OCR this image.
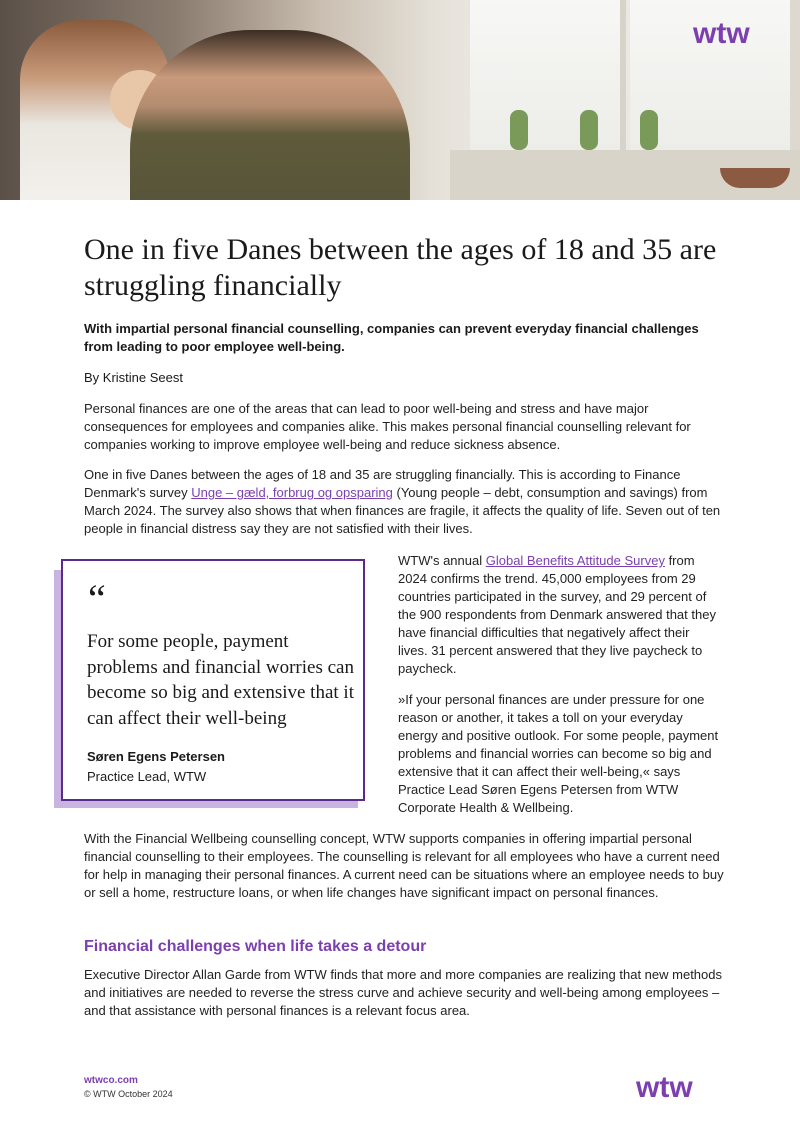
wtw
One in five Danes between the ages of 18 and 35 are struggling financially

With impartial personal financial counselling, companies can prevent everyday financial challenges from leading to poor employee well-being.

By Kristine Seest

Personal finances are one of the areas that can lead to poor well-being and stress and have major consequences for employees and companies alike. This makes personal financial counselling relevant for companies working to improve employee well-being and reduce sickness absence.

One in five Danes between the ages of 18 and 35 are struggling financially. This is according to Finance Denmark's survey Unge – gæld, forbrug og opsparing (Young people – debt, consumption and savings) from March 2024. The survey also shows that when finances are fragile, it affects the quality of life. Seven out of ten people in financial distress say they are not satisfied with their lives.

“

For some people, payment problems and financial worries can become so big and extensive that it can affect their well-being

Søren Egens Petersen

Practice Lead, WTW

WTW's annual Global Benefits Attitude Survey from 2024 confirms the trend. 45,000 employees from 29 countries participated in the survey, and 29 percent of the 900 respondents from Denmark answered that they have financial difficulties that negatively affect their lives. 31 percent answered that they live paycheck to paycheck.

»If your personal finances are under pressure for one reason or another, it takes a toll on your everyday energy and positive outlook. For some people, payment problems and financial worries can become so big and extensive that it can affect their well-being,« says Practice Lead Søren Egens Petersen from WTW Corporate Health & Wellbeing.

With the Financial Wellbeing counselling concept, WTW supports companies in offering impartial personal financial counselling to their employees. The counselling is relevant for all employees who have a current need for help in managing their personal finances. A current need can be situations where an employee needs to buy or sell a home, restructure loans, or when life changes have significant impact on personal finances.

Financial challenges when life takes a detour

Executive Director Allan Garde from WTW finds that more and more companies are realizing that new methods and initiatives are needed to reverse the stress curve and achieve security and well-being among employees – and that assistance with personal finances is a relevant focus area.

wtwco.com
© WTW October 2024	wtw
